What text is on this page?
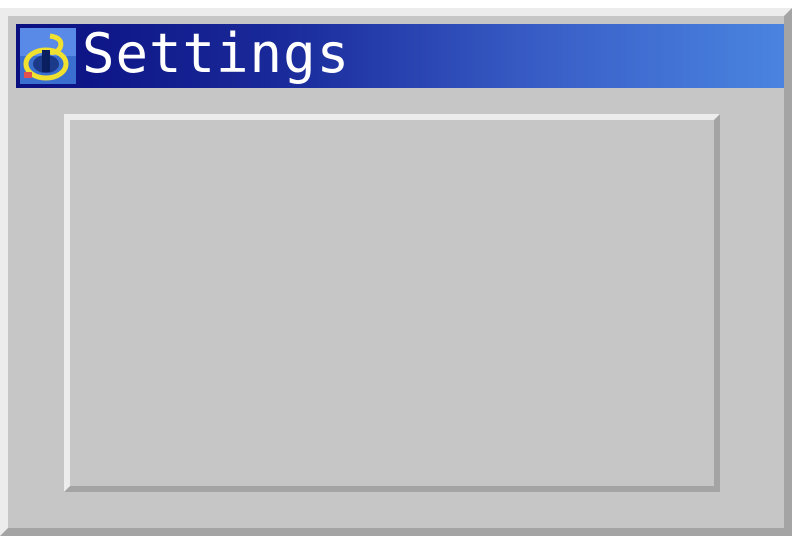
Settings
